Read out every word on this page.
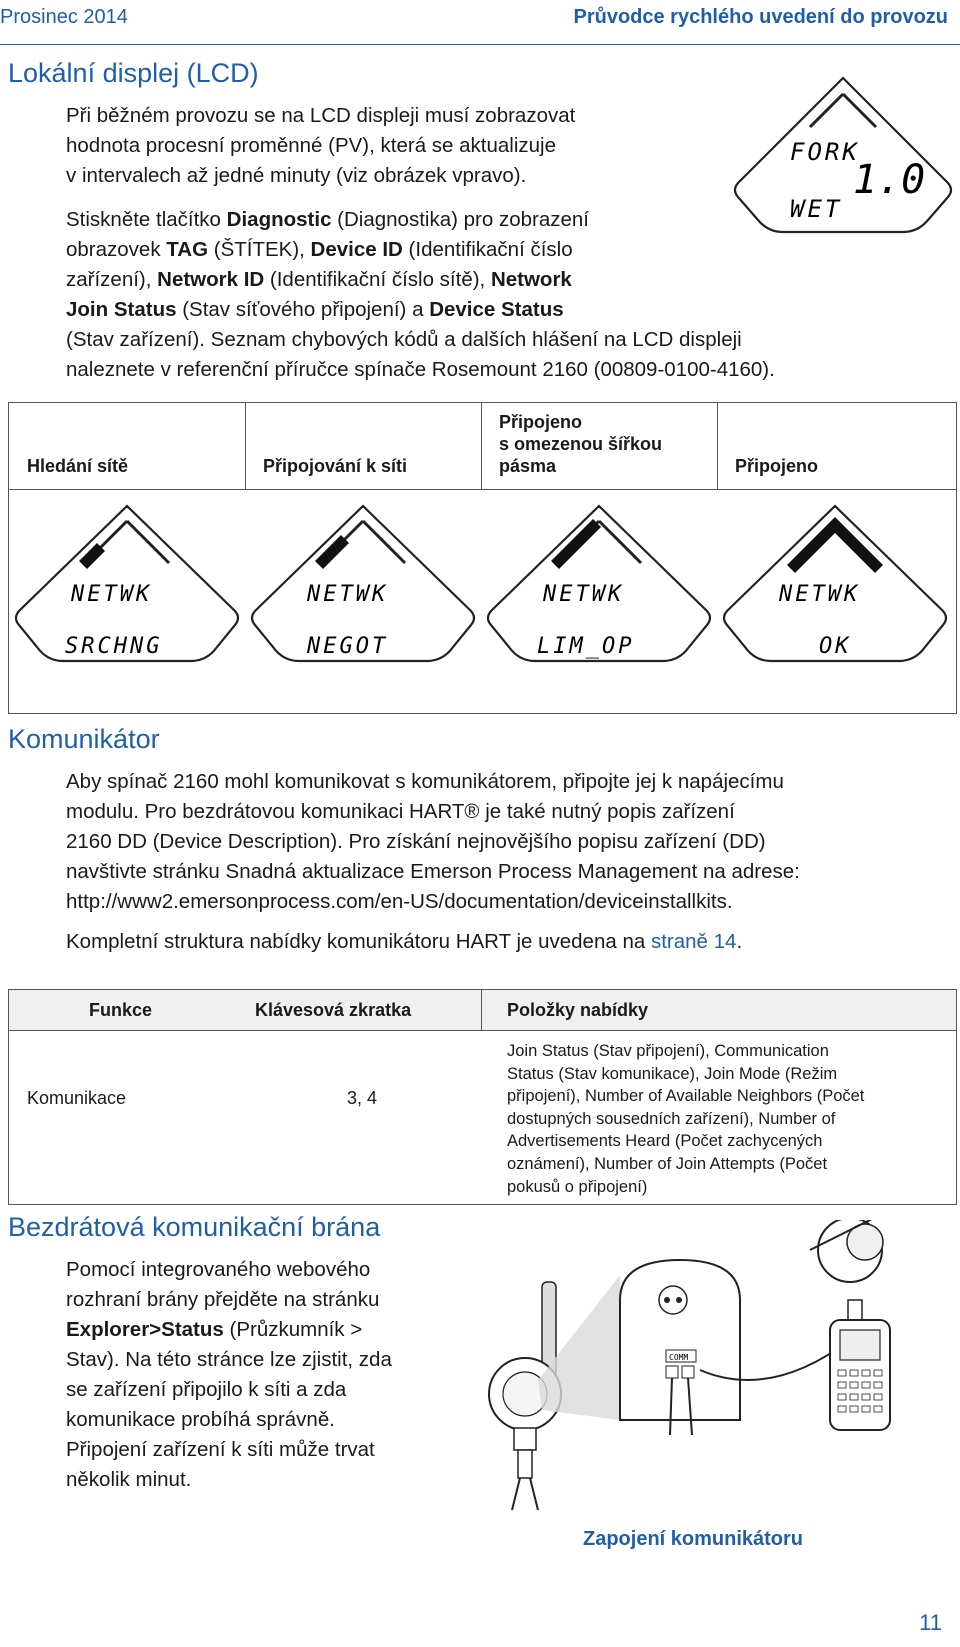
Prosinec 2014	Průvodce rychlého uvedení do provozu
Lokální displej (LCD)
Při běžném provozu se na LCD displeji musí zobrazovat
hodnota procesní proměnné (PV), která se aktualizuje
v intervalech až jedné minuty (viz obrázek vpravo).
Stiskněte tlačítko Diagnostic (Diagnostika) pro zobrazení
obrazovek TAG (ŠTÍTEK), Device ID (Identifikační číslo
zařízení), Network ID (Identifikační číslo sítě), Network
Join Status (Stav síťového připojení) a Device Status
(Stav zařízení). Seznam chybových kódů a dalších hlášení na LCD displeji
naleznete v referenční příručce spínače Rosemount 2160 (00809-0100-4160).
FORK
1.0
WET
Hledání sítě	Připojování k síti
Připojeno
s omezenou šířkou
pásma	Připojeno
NETWK
SRCHNG
NETWK
NEGOT
NETWK
LIM_OP
NETWK
OK
Komunikátor
Aby spínač 2160 mohl komunikovat s komunikátorem, připojte jej k napájecímu
modulu. Pro bezdrátovou komunikaci HART® je také nutný popis zařízení
2160 DD (Device Description). Pro získání nejnovějšího popisu zařízení (DD)
navštivte stránku Snadná aktualizace Emerson Process Management na adrese:
http://www2.emersonprocess.com/en-US/documentation/deviceinstallkits.
Kompletní struktura nabídky komunikátoru HART je uvedena na straně 14.
Funkce	Klávesová zkratka	Položky nabídky
Komunikace	3, 4
Join Status (Stav připojení), Communication
Status (Stav komunikace), Join Mode (Režim
připojení), Number of Available Neighbors (Počet
dostupných sousedních zařízení), Number of
Advertisements Heard (Počet zachycených
oznámení), Number of Join Attempts (Počet
pokusů o připojení)
Bezdrátová komunikační brána
Pomocí integrovaného webového
rozhraní brány přejděte na stránku
Explorer>Status (Průzkumník >
Stav). Na této stránce lze zjistit, zda
se zařízení připojilo k síti a zda
komunikace probíhá správně.
Připojení zařízení k síti může trvat
několik minut.
COMM
Zapojení komunikátoru
11
